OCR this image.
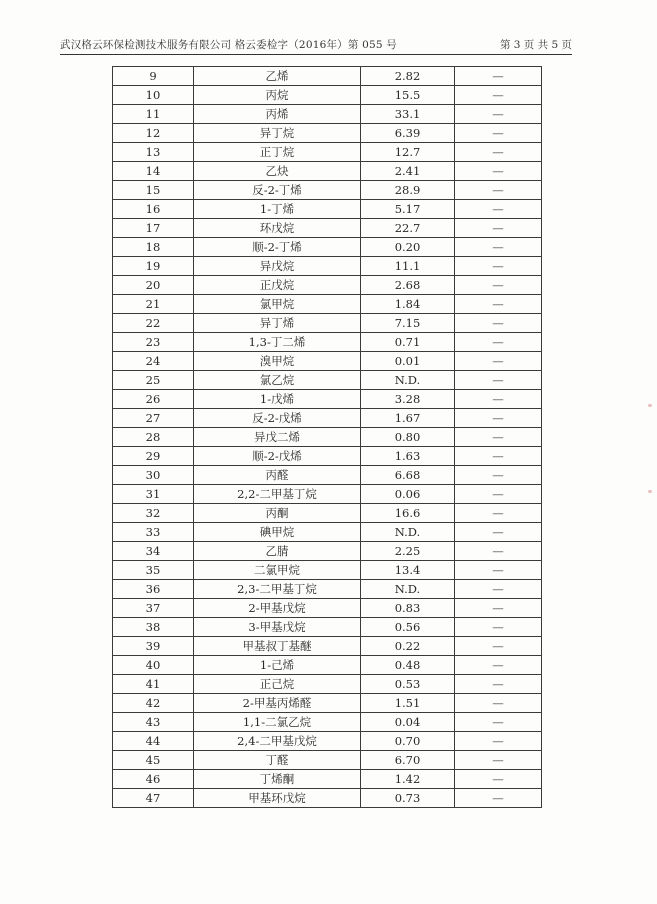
武汉格云环保检测技术服务有限公司 格云委检字（2016年）第 055 号	第 3 页 共 5 页
9	乙烯	2.82	—
10	丙烷	15.5	—
11	丙烯	33.1	—
12	异丁烷	6.39	—
13	正丁烷	12.7	—
14	乙炔	2.41	—
15	反-2-丁烯	28.9	—
16	1-丁烯	5.17	—
17	环戊烷	22.7	—
18	顺-2-丁烯	0.20	—
19	异戊烷	11.1	—
20	正戊烷	2.68	—
21	氯甲烷	1.84	—
22	异丁烯	7.15	—
23	1,3-丁二烯	0.71	—
24	溴甲烷	0.01	—
25	氯乙烷	N.D.	—
26	1-戊烯	3.28	—
27	反-2-戊烯	1.67	—
28	异戊二烯	0.80	—
29	顺-2-戊烯	1.63	—
30	丙醛	6.68	—
31	2,2-二甲基丁烷	0.06	—
32	丙酮	16.6	—
33	碘甲烷	N.D.	—
34	乙腈	2.25	—
35	二氯甲烷	13.4	—
36	2,3-二甲基丁烷	N.D.	—
37	2-甲基戊烷	0.83	—
38	3-甲基戊烷	0.56	—
39	甲基叔丁基醚	0.22	—
40	1-己烯	0.48	—
41	正己烷	0.53	—
42	2-甲基丙烯醛	1.51	—
43	1,1-二氯乙烷	0.04	—
44	2,4-二甲基戊烷	0.70	—
45	丁醛	6.70	—
46	丁烯酮	1.42	—
47	甲基环戊烷	0.73	—
